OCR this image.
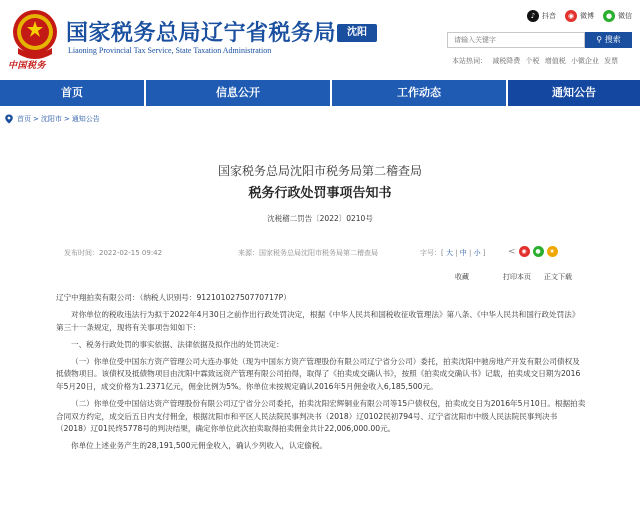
中国税务
国家税务总局辽宁省税务局
Liaoning Provincial Tax Service, State Taxation Administration
沈阳
♪ 抖音	◉ 微博	● 微信
请输入关键字
⚲ 搜索
本站热词： 减税降费 个税 增值税 小微企业 发票
首页	信息公开	工作动态	通知公告
首页 > 沈阳市 > 通知公告
国家税务总局沈阳市税务局第二稽查局
税务行政处罚事项告知书
沈税稽二罚告〔2022〕0210号
发布时间：2022-02-15 09:42	来源：国家税务总局沈阳市税务局第二稽查局	字号：[ 大 | 中 | 小 ] < ◉	●	★
收藏	打印本页 正文下载

辽宁中翔拍卖有限公司：（纳税人识别号：91210102750770717P）

对你单位的税收违法行为拟于2022年4月30日之前作出行政处罚决定，根据《中华人民共和国税收征收管理法》第八条、《中华人民共和国行政处罚法》第三十一条规定，现将有关事项告知如下：

一、税务行政处罚的事实依据、法律依据及拟作出的处罚决定：

（一）你单位受中国东方资产管理公司大连办事处（现为中国东方资产管理股份有限公司辽宁省分公司）委托，拍卖沈阳中驰房地产开发有限公司债权及抵债物项目。该债权及抵债物项目由沈阳中霖致远资产管理有限公司拍得，取得了《拍卖成交确认书》，按照《拍卖成交确认书》记载，拍卖成交日期为2016年5月20日，成交价格为1.2371亿元，佣金比例为5%。你单位未按规定确认2016年5月佣金收入6,185,500元。

（二）你单位受中国信达资产管理股份有限公司辽宁省分公司委托，拍卖沈阳宏辉铜业有限公司等15户债权包，拍卖成交日为2016年5月10日。根据拍卖合同双方约定，成交后五日内支付佣金，根据沈阳市和平区人民法院民事判决书（2018）辽0102民初794号、辽宁省沈阳市中级人民法院民事判决书（2018）辽01民终5778号的判决结果，确定你单位此次拍卖取得拍卖佣金共计22,006,000.00元。

你单位上述业务产生的28,191,500元佣金收入，确认少列收入，认定偷税。
